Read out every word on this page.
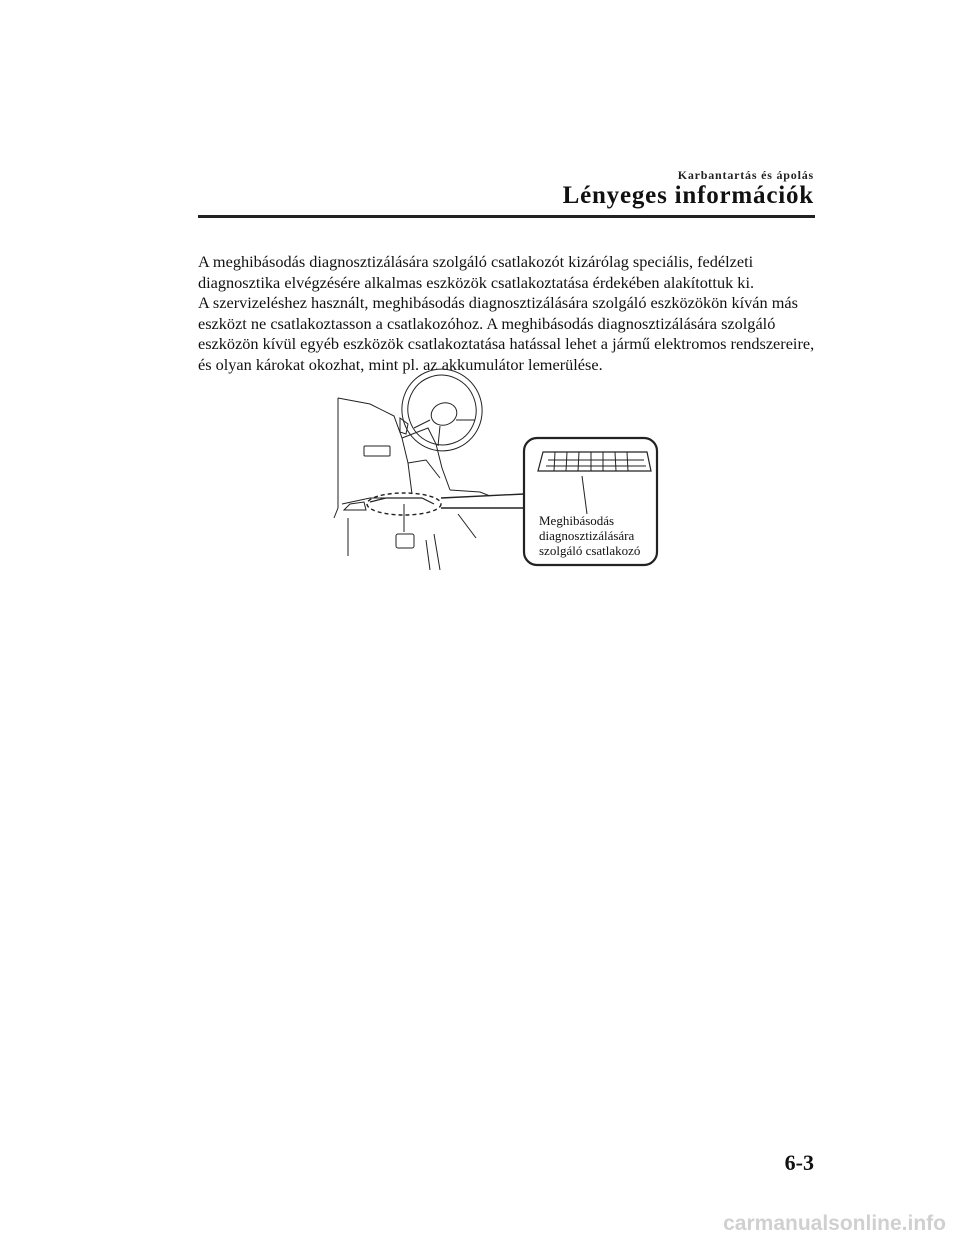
Karbantartás és ápolás
Lényeges információk

A meghibásodás diagnosztizálására szolgáló csatlakozót kizárólag speciális, fedélzeti diagnosztika elvégzésére alkalmas eszközök csatlakoztatása érdekében alakítottuk ki.

A szervizeléshez használt, meghibásodás diagnosztizálására szolgáló eszközökön kíván más eszközt ne csatlakoztasson a csatlakozóhoz. A meghibásodás diagnosztizálására szolgáló eszközön kívül egyéb eszközök csatlakoztatása hatással lehet a jármű elektromos rendszereire, és olyan károkat okozhat, mint pl. az akkumulátor lemerülése.

Meghibásodás
diagnosztizálására
szolgáló csatlakozó
6-3
carmanualsonline.info
